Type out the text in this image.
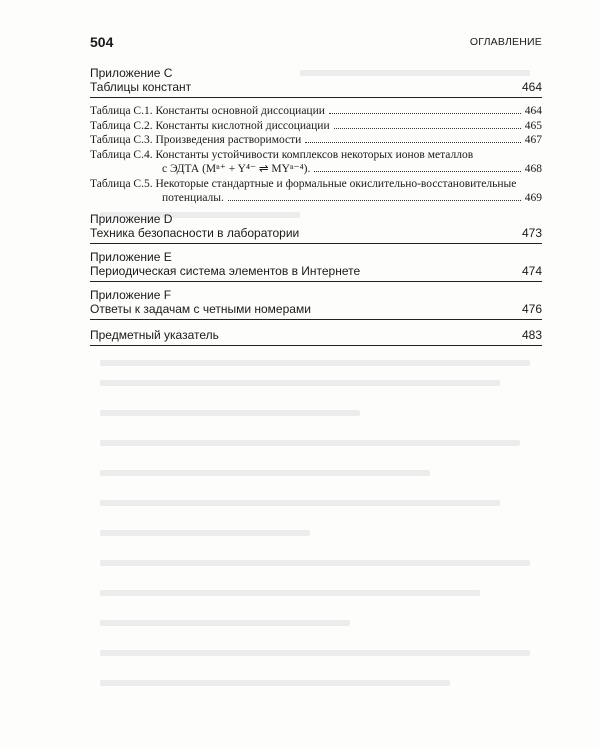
504	ОГЛАВЛЕНИЕ
Приложение C
Таблицы констант	464
Таблица C.1. Константы основной диссоциации	464
Таблица C.2. Константы кислотной диссоциации	465
Таблица C.3. Произведения растворимости	467
Таблица C.4. Константы устойчивости комплексов некоторых ионов металлов
с ЭДТА (Mⁿ⁺ + Y⁴⁻ ⇌ MYⁿ⁻⁴).	468
Таблица C.5. Некоторые стандартные и формальные окислительно-восстановительные
потенциалы.	469
Приложение D
Техника безопасности в лаборатории	473
Приложение E
Периодическая система элементов в Интернете	474
Приложение F
Ответы к задачам с четными номерами	476
Предметный указатель	483
